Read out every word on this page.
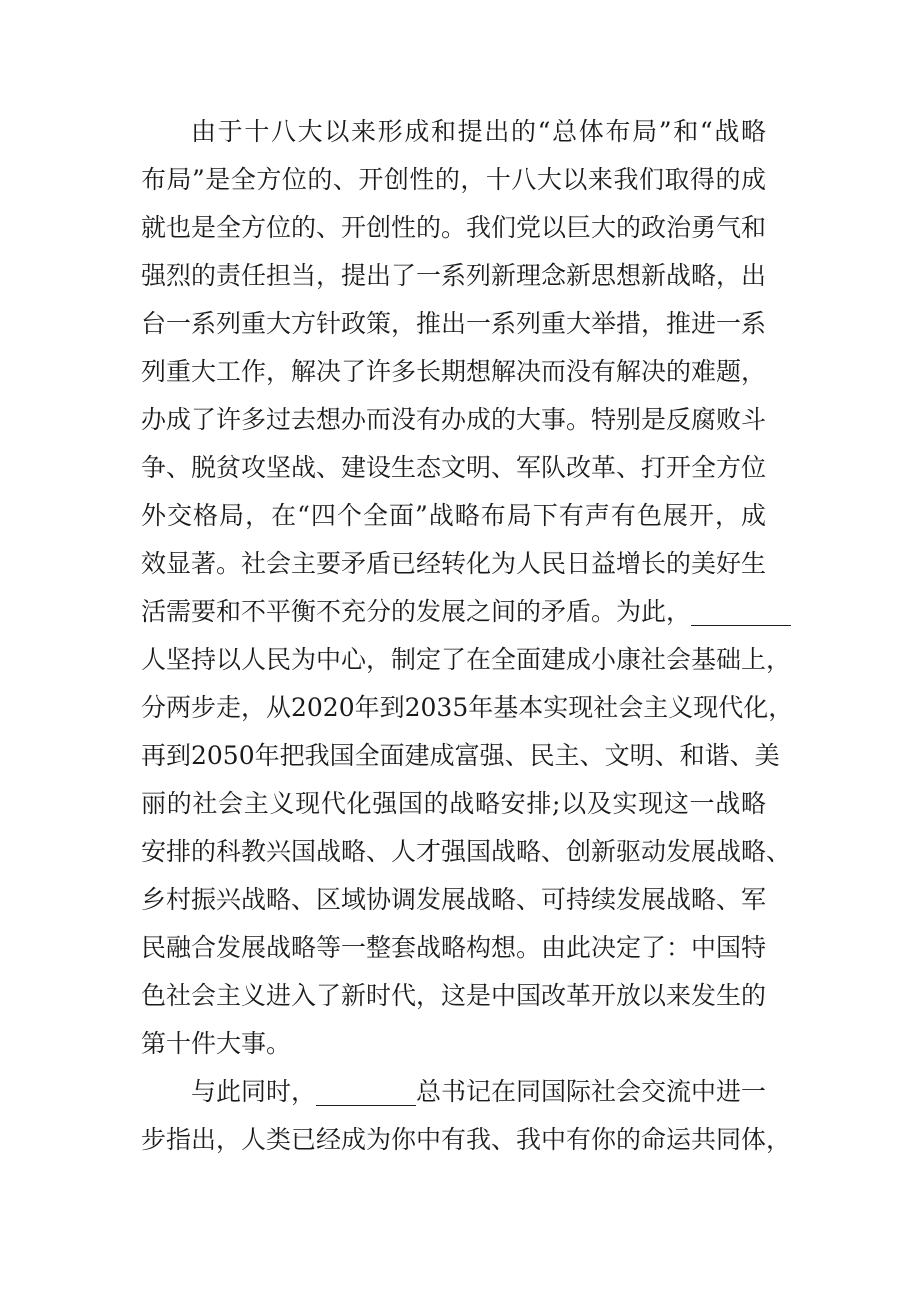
由于十八大以来形成和提出的“总体布局”和“战略
布局”是全方位的、开创性的，十八大以来我们取得的成
就也是全方位的、开创性的。我们党以巨大的政治勇气和
强烈的责任担当，提出了一系列新理念新思想新战略，出
台一系列重大方针政策，推出一系列重大举措，推进一系
列重大工作，解决了许多长期想解决而没有解决的难题，
办成了许多过去想办而没有办成的大事。特别是反腐败斗
争、脱贫攻坚战、建设生态文明、军队改革、打开全方位
外交格局，在“四个全面”战略布局下有声有色展开，成
效显著。社会主要矛盾已经转化为人民日益增长的美好生
活需要和不平衡不充分的发展之间的矛盾。为此，________
人坚持以人民为中心，制定了在全面建成小康社会基础上，
分两步走，从2020年到2035年基本实现社会主义现代化，
再到2050年把我国全面建成富强、民主、文明、和谐、美
丽的社会主义现代化强国的战略安排;以及实现这一战略
安排的科教兴国战略、人才强国战略、创新驱动发展战略、
乡村振兴战略、区域协调发展战略、可持续发展战略、军
民融合发展战略等一整套战略构想。由此决定了：中国特
色社会主义进入了新时代，这是中国改革开放以来发生的
第十件大事。
与此同时，________总书记在同国际社会交流中进一
步指出，人类已经成为你中有我、我中有你的命运共同体，
